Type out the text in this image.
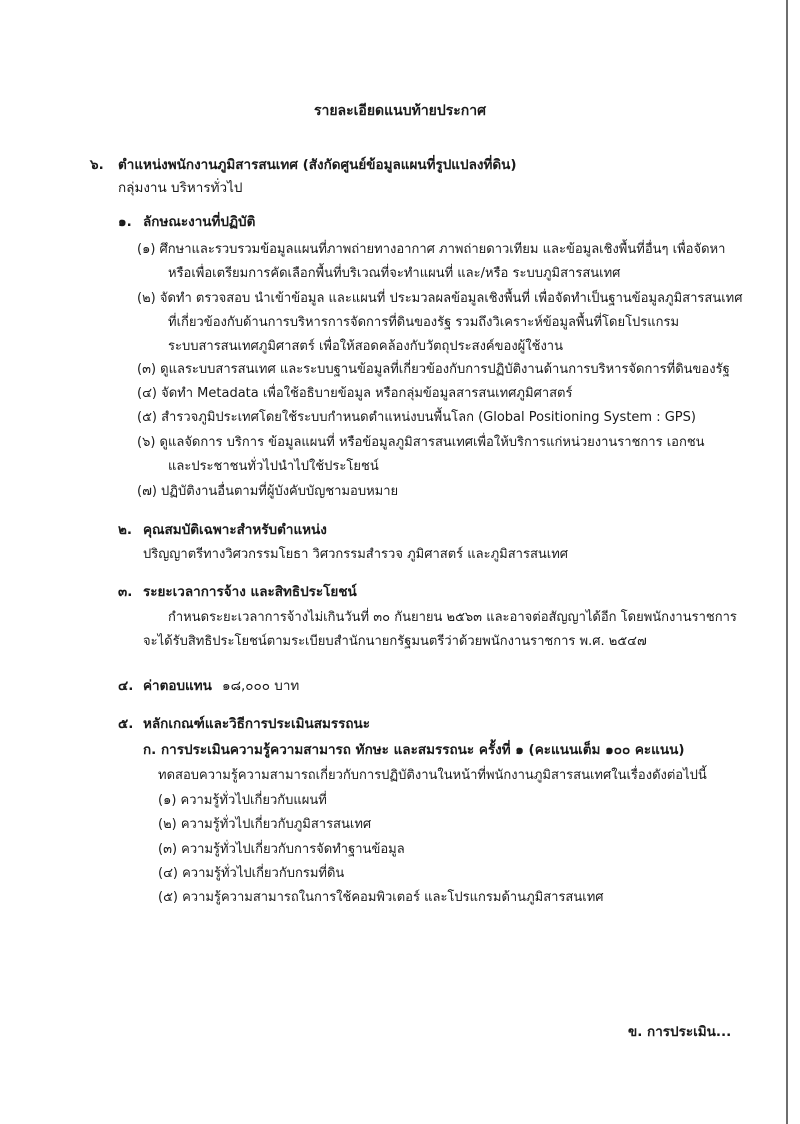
รายละเอียดแนบท้ายประกาศ
๖. ตำแหน่งพนักงานภูมิสารสนเทศ (สังกัดศูนย์ข้อมูลแผนที่รูปแปลงที่ดิน)
กลุ่มงาน บริหารทั่วไป
๑. ลักษณะงานที่ปฏิบัติ
(๑) ศึกษาและรวบรวมข้อมูลแผนที่ภาพถ่ายทางอากาศ ภาพถ่ายดาวเทียม และข้อมูลเชิงพื้นที่อื่นๆ เพื่อจัดหา
หรือเพื่อเตรียมการคัดเลือกพื้นที่บริเวณที่จะทำแผนที่ และ/หรือ ระบบภูมิสารสนเทศ
(๒) จัดทำ ตรวจสอบ นำเข้าข้อมูล และแผนที่ ประมวลผลข้อมูลเชิงพื้นที่ เพื่อจัดทำเป็นฐานข้อมูลภูมิสารสนเทศ
ที่เกี่ยวข้องกับด้านการบริหารการจัดการที่ดินของรัฐ รวมถึงวิเคราะห์ข้อมูลพื้นที่โดยโปรแกรม
ระบบสารสนเทศภูมิศาสตร์ เพื่อให้สอดคล้องกับวัตถุประสงค์ของผู้ใช้งาน
(๓) ดูแลระบบสารสนเทศ และระบบฐานข้อมูลที่เกี่ยวข้องกับการปฏิบัติงานด้านการบริหารจัดการที่ดินของรัฐ
(๔) จัดทำ Metadata เพื่อใช้อธิบายข้อมูล หรือกลุ่มข้อมูลสารสนเทศภูมิศาสตร์
(๕) สำรวจภูมิประเทศโดยใช้ระบบกำหนดตำแหน่งบนพื้นโลก (Global Positioning System : GPS)
(๖) ดูแลจัดการ บริการ ข้อมูลแผนที่ หรือข้อมูลภูมิสารสนเทศเพื่อให้บริการแก่หน่วยงานราชการ เอกชน
และประชาชนทั่วไปนำไปใช้ประโยชน์
(๗) ปฏิบัติงานอื่นตามที่ผู้บังคับบัญชามอบหมาย
๒. คุณสมบัติเฉพาะสำหรับตำแหน่ง
ปริญญาตรีทางวิศวกรรมโยธา วิศวกรรมสำรวจ ภูมิศาสตร์ และภูมิสารสนเทศ
๓. ระยะเวลาการจ้าง และสิทธิประโยชน์
กำหนดระยะเวลาการจ้างไม่เกินวันที่ ๓๐ กันยายน ๒๕๖๓ และอาจต่อสัญญาได้อีก โดยพนักงานราชการ
จะได้รับสิทธิประโยชน์ตามระเบียบสำนักนายกรัฐมนตรีว่าด้วยพนักงานราชการ พ.ศ. ๒๕๔๗
๔. ค่าตอบแทน ๑๘,๐๐๐ บาท
๕. หลักเกณฑ์และวิธีการประเมินสมรรถนะ
ก. การประเมินความรู้ความสามารถ ทักษะ และสมรรถนะ ครั้งที่ ๑ (คะแนนเต็ม ๑๐๐ คะแนน)
ทดสอบความรู้ความสามารถเกี่ยวกับการปฏิบัติงานในหน้าที่พนักงานภูมิสารสนเทศในเรื่องดังต่อไปนี้
(๑) ความรู้ทั่วไปเกี่ยวกับแผนที่
(๒) ความรู้ทั่วไปเกี่ยวกับภูมิสารสนเทศ
(๓) ความรู้ทั่วไปเกี่ยวกับการจัดทำฐานข้อมูล
(๔) ความรู้ทั่วไปเกี่ยวกับกรมที่ดิน
(๕) ความรู้ความสามารถในการใช้คอมพิวเตอร์ และโปรแกรมด้านภูมิสารสนเทศ
ข. การประเมิน...
